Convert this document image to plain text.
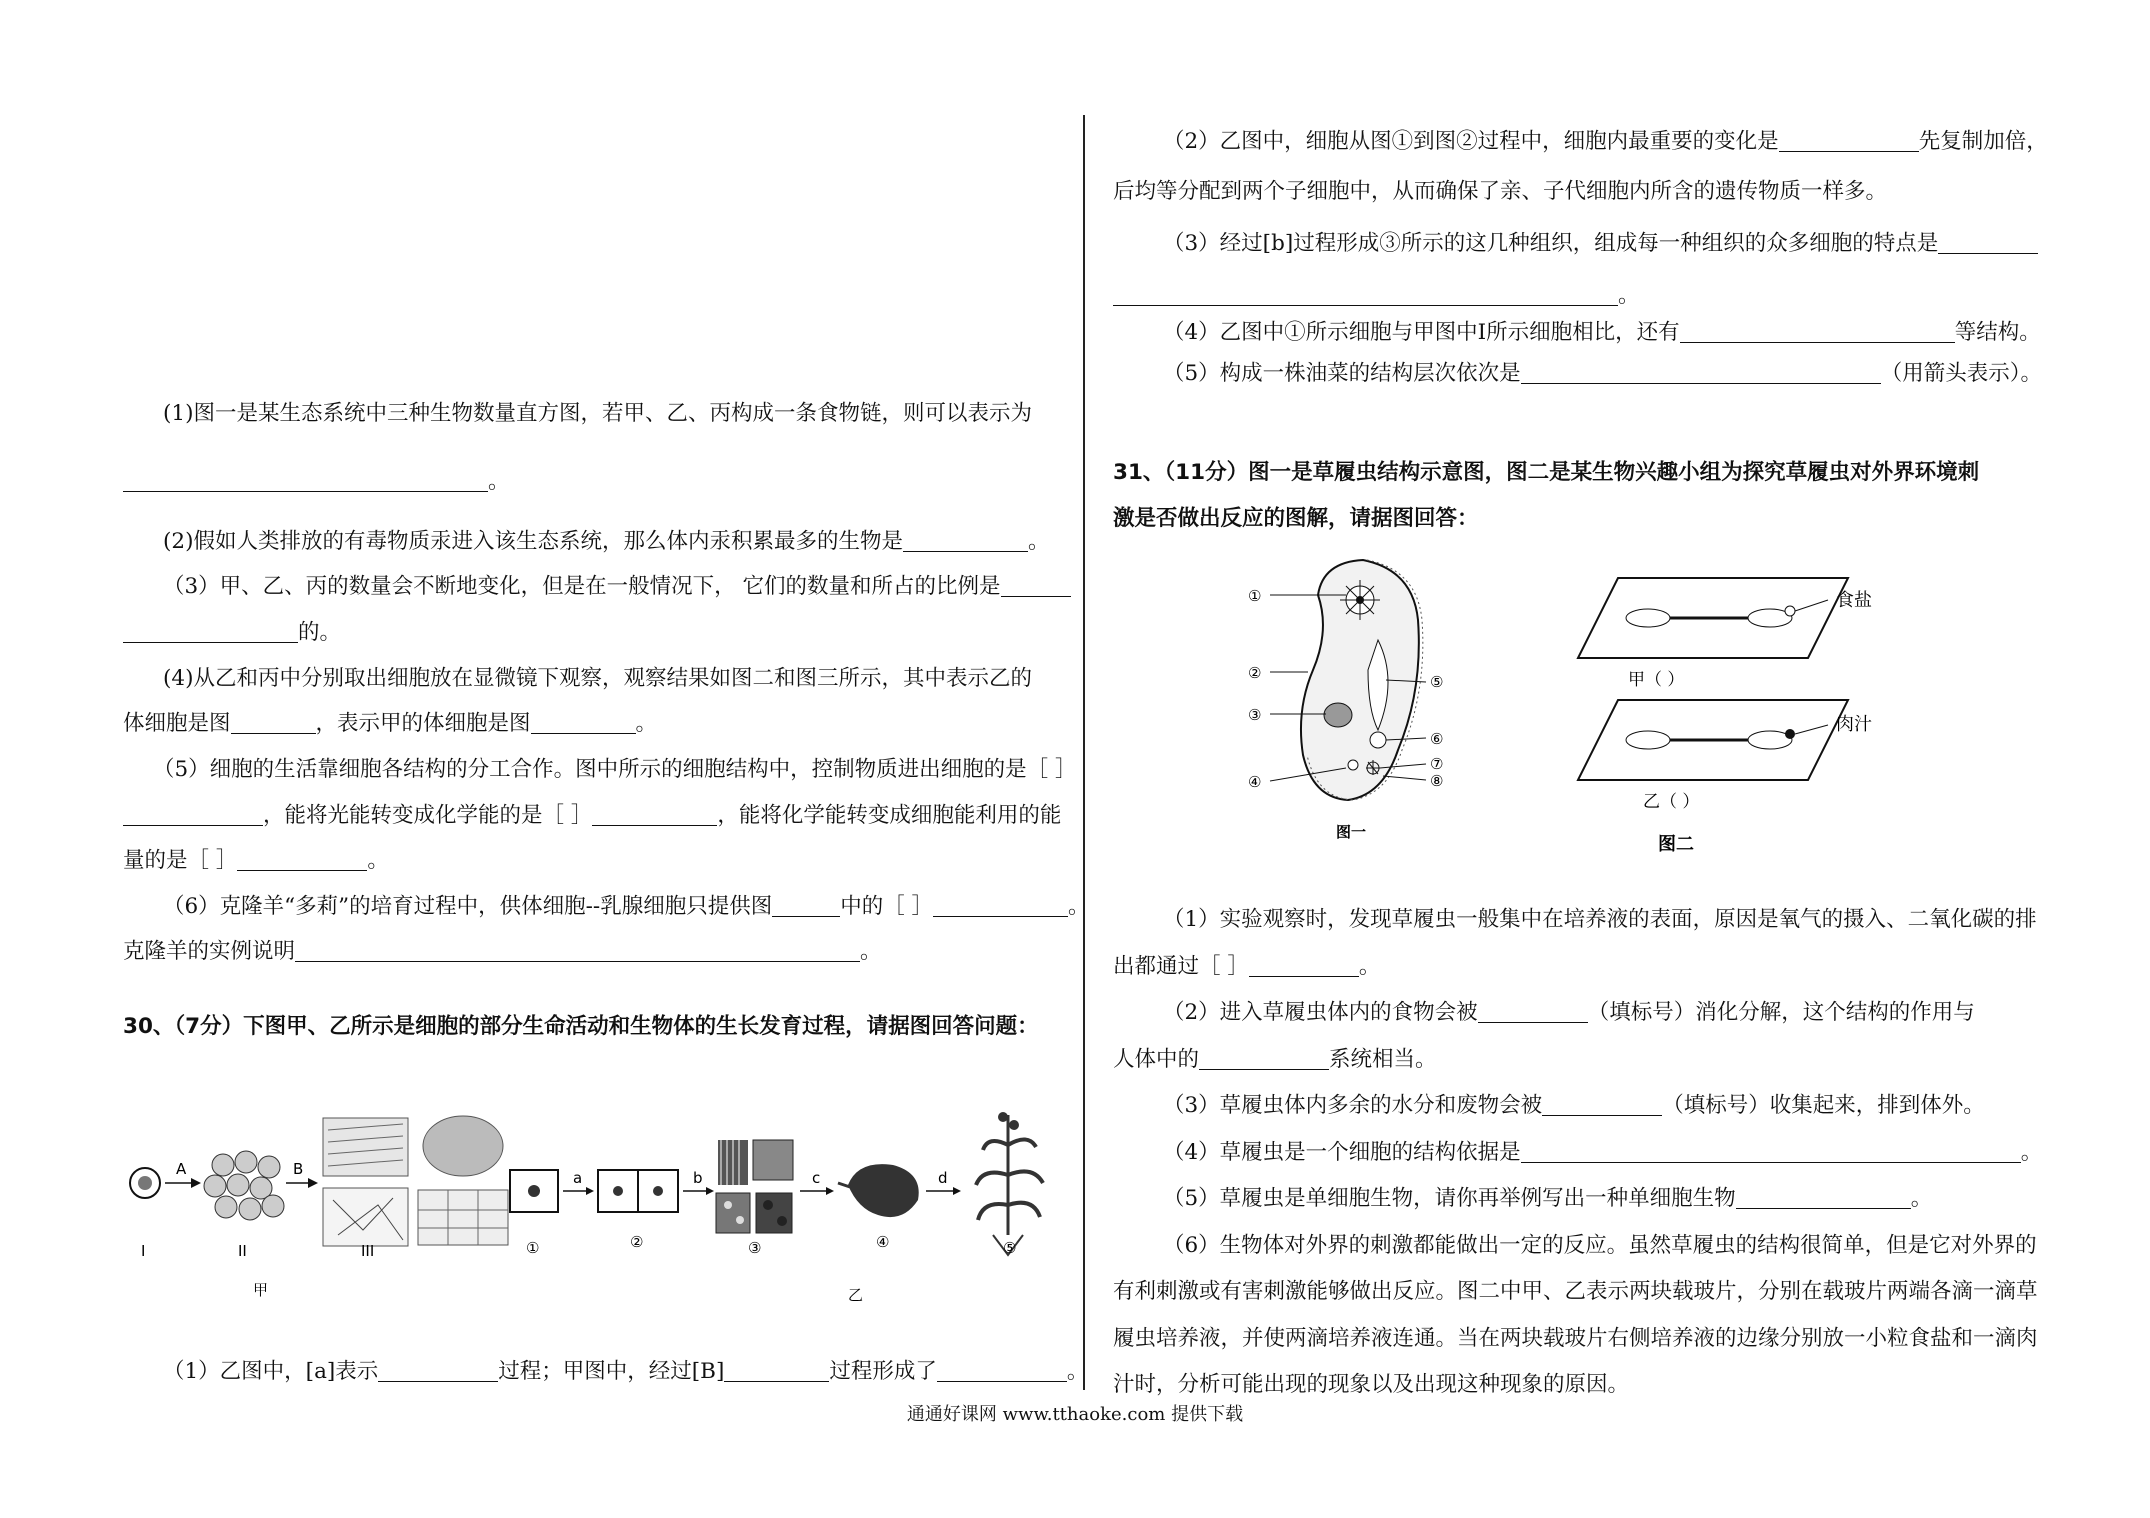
(1)图一是某生态系统中三种生物数量直方图，若甲、乙、丙构成一条食物链，则可以表示为
。
(2)假如人类排放的有毒物质汞进入该生态系统，那么体内汞积累最多的生物是	。
（3）甲、乙、丙的数量会不断地变化，但是在一般情况下， 它们的数量和所占的比例是
的。
(4)从乙和丙中分别取出细胞放在显微镜下观察，观察结果如图二和图三所示，其中表示乙的
体细胞是图	，表示甲的体细胞是图	。
（5）细胞的生活靠细胞各结构的分工合作。图中所示的细胞结构中，控制物质进出细胞的是［ ］
，能将光能转变成化学能的是［ ］	，能将化学能转变成细胞能利用的能
量的是［ ］	。
（6）克隆羊“多莉”的培育过程中，供体细胞--乳腺细胞只提供图	中的［ ］	。
克隆羊的实例说明	。
30、（7分）下图甲、乙所示是细胞的部分生命活动和生物体的生长发育过程，请据图回答问题：
A	B
I	II	III
甲
a	b	c	d
①	②	③	④	⑤
乙
（1）乙图中，[a]表示	过程；甲图中，经过[B]	过程形成了	。
（2）乙图中，细胞从图①到图②过程中，细胞内最重要的变化是	先复制加倍，
后均等分配到两个子细胞中，从而确保了亲、子代细胞内所含的遗传物质一样多。
（3）经过[b]过程形成③所示的这几种组织，组成每一种组织的众多细胞的特点是
。
（4）乙图中①所示细胞与甲图中Ⅰ所示细胞相比，还有	等结构。
（5）构成一株油菜的结构层次依次是	（用箭头表示）。
31、（11分）图一是草履虫结构示意图，图二是某生物兴趣小组为探究草履虫对外界环境刺
激是否做出反应的图解，请据图回答：
①
②
③
④
⑤
⑥
⑦
⑧
图一
食盐
甲（ ）
肉汁
乙（ ）
图二
（1）实验观察时，发现草履虫一般集中在培养液的表面，原因是氧气的摄入、二氧化碳的排
出都通过［ ］	。
（2）进入草履虫体内的食物会被	（填标号）消化分解，这个结构的作用与
人体中的	系统相当。
（3）草履虫体内多余的水分和废物会被	（填标号）收集起来，排到体外。
（4）草履虫是一个细胞的结构依据是	。
（5）草履虫是单细胞生物，请你再举例写出一种单细胞生物	。
（6）生物体对外界的刺激都能做出一定的反应。虽然草履虫的结构很简单，但是它对外界的
有利刺激或有害刺激能够做出反应。图二中甲、乙表示两块载玻片，分别在载玻片两端各滴一滴草
履虫培养液，并使两滴培养液连通。当在两块载玻片右侧培养液的边缘分别放一小粒食盐和一滴肉
汁时，分析可能出现的现象以及出现这种现象的原因。
通通好课网 www.tthaoke.com 提供下载
